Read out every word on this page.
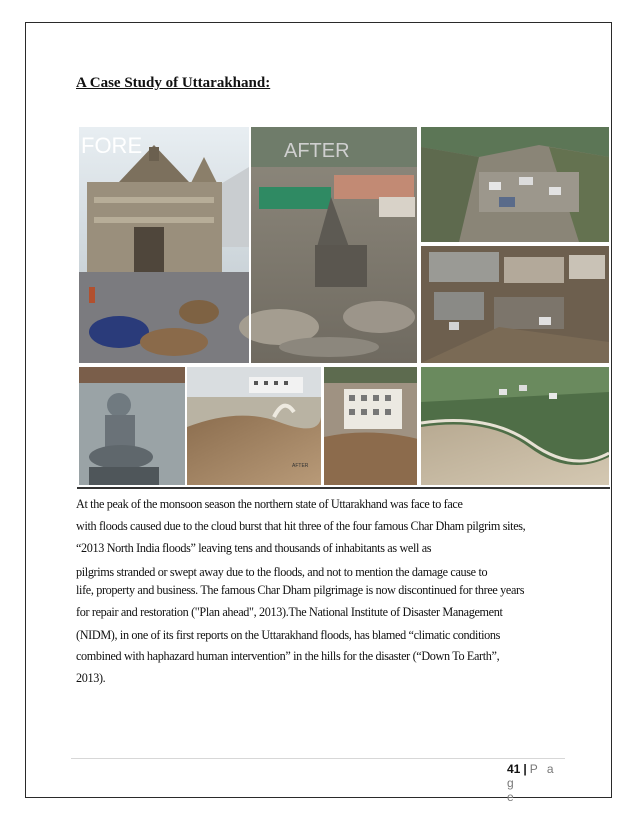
A Case Study of Uttarakhand:
FORE	AFTER
AFTER

At the peak of the monsoon season the northern state of Uttarakhand was face to face

with floods caused due to the cloud burst that hit three of the four famous Char Dham pilgrim sites,

“2013 North India floods” leaving tens and thousands of inhabitants as well as

pilgrims stranded or swept away due to the floods, and not to mention the damage cause to

life, property and business. The famous Char Dham pilgrimage is now discontinued for three years

for repair and restoration ("Plan ahead", 2013).The National Institute of Disaster Management

(NIDM), in one of its first reports on the Uttarakhand floods, has blamed “climatic conditions

combined with haphazard human intervention” in the hills for the disaster (“Down To Earth”,

2013).

41 | P a g
e
